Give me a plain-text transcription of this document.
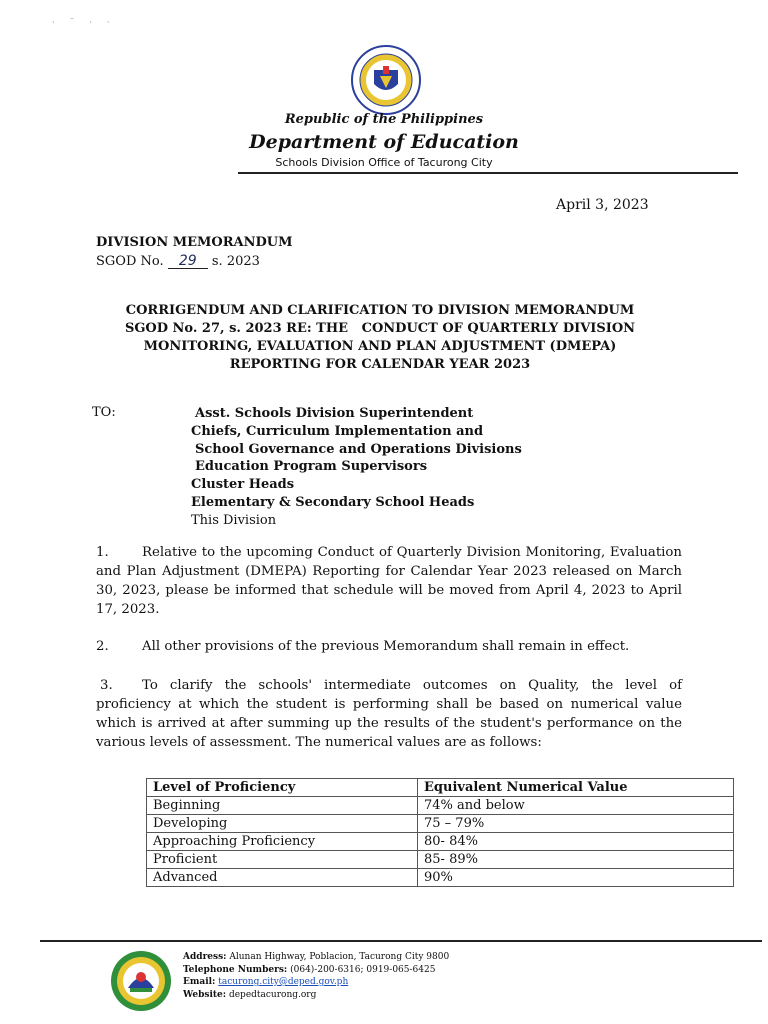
· ˘ · ·
Republic of the Philippines
Department of Education
Schools Division Office of Tacurong City
April 3, 2023
DIVISION MEMORANDUM
SGOD No. 29 s. 2023
CORRIGENDUM AND CLARIFICATION TO DIVISION MEMORANDUM
SGOD No. 27, s. 2023 RE: THE   CONDUCT OF QUARTERLY DIVISION
MONITORING, EVALUATION AND PLAN ADJUSTMENT (DMEPA)
REPORTING FOR CALENDAR YEAR 2023
TO:	Asst. Schools Division Superintendent
Chiefs, Curriculum Implementation and
School Governance and Operations Divisions
Education Program Supervisors
Cluster Heads
Elementary & Secondary School Heads
This Division
1.	Relative to the upcoming Conduct of Quarterly Division Monitoring, Evaluation and Plan Adjustment (DMEPA) Reporting for Calendar Year 2023 released on March 30, 2023, please be informed that schedule will be moved from April 4, 2023 to April 17, 2023.
2.	All other provisions of the previous Memorandum shall remain in effect.
3. To clarify the schools' intermediate outcomes on Quality, the level of proficiency at which the student is performing shall be based on numerical value which is arrived at after summing up the results of the student's performance on the various levels of assessment. The numerical values are as follows:
Level of Proficiency	Equivalent Numerical Value
Beginning	74% and below
Developing	75 – 79%
Approaching Proficiency	80- 84%
Proficient	85- 89%
Advanced	90%
Address: Alunan Highway, Poblacion, Tacurong City 9800
Telephone Numbers: (064)-200-6316; 0919-065-6425
Email: tacurong.city@deped.gov.ph
Website: depedtacurong.org
